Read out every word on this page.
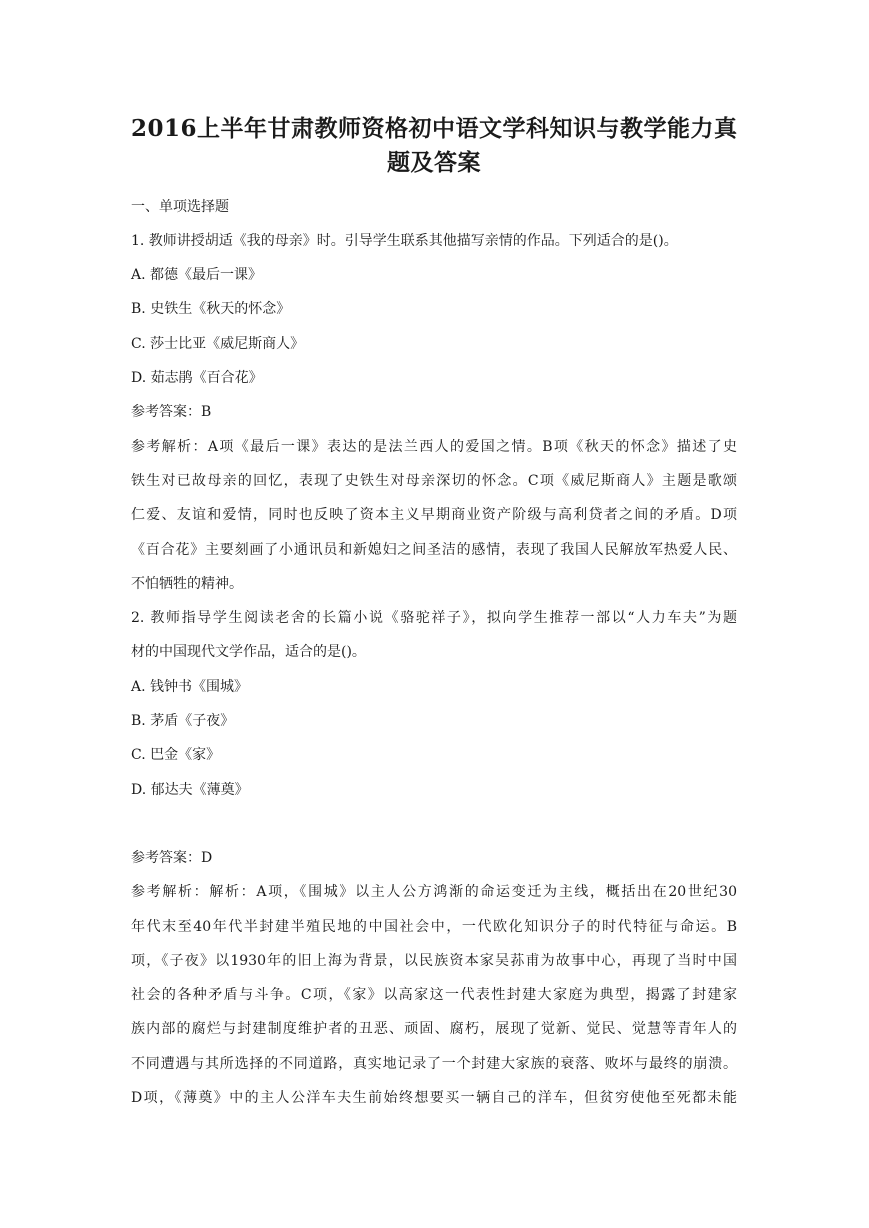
2016上半年甘肃教师资格初中语文学科知识与教学能力真
题及答案
一、单项选择题
1. 教师讲授胡适《我的母亲》时。引导学生联系其他描写亲情的作品。下列适合的是()。
A. 都德《最后一课》
B. 史铁生《秋天的怀念》
C. 莎士比亚《威尼斯商人》
D. 茹志鹃《百合花》
参考答案：B
参考解析：A项《最后一课》表达的是法兰西人的爱国之情。B项《秋天的怀念》描述了史
铁生对已故母亲的回忆，表现了史铁生对母亲深切的怀念。C项《威尼斯商人》主题是歌颂
仁爱、友谊和爱情，同时也反映了资本主义早期商业资产阶级与高利贷者之间的矛盾。D项
《百合花》主要刻画了小通讯员和新媳妇之间圣洁的感情，表现了我国人民解放军热爱人民、
不怕牺牲的精神。
2. 教师指导学生阅读老舍的长篇小说《骆驼祥子》，拟向学生推荐一部以“人力车夫”为题
材的中国现代文学作品，适合的是()。
A. 钱钟书《围城》
B. 茅盾《子夜》
C. 巴金《家》
D. 郁达夫《薄奠》
参考答案：D
参考解析：解析：A项，《围城》以主人公方鸿渐的命运变迁为主线，概括出在20世纪30
年代末至40年代半封建半殖民地的中国社会中，一代欧化知识分子的时代特征与命运。B
项，《子夜》以1930年的旧上海为背景，以民族资本家吴荪甫为故事中心，再现了当时中国
社会的各种矛盾与斗争。C项，《家》以高家这一代表性封建大家庭为典型，揭露了封建家
族内部的腐烂与封建制度维护者的丑恶、顽固、腐朽，展现了觉新、觉民、觉慧等青年人的
不同遭遇与其所选择的不同道路，真实地记录了一个封建大家族的衰落、败坏与最终的崩溃。
D项，《薄奠》中的主人公洋车夫生前始终想要买一辆自己的洋车，但贫穷使他至死都未能
